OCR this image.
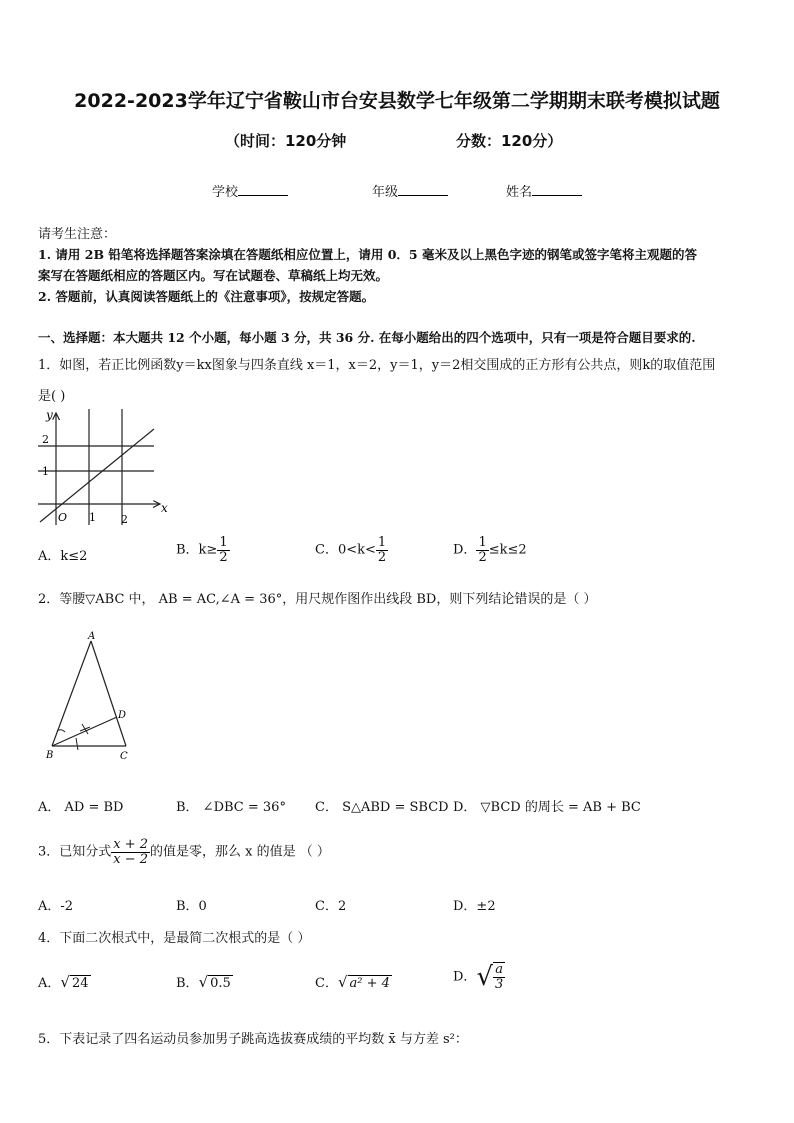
2022-2023学年辽宁省鞍山市台安县数学七年级第二学期期末联考模拟试题
（时间：120分钟	分数：120分）
学校	年级	姓名
请考生注意：
1. 请用 2B 铅笔将选择题答案涂填在答题纸相应位置上，请用 0．5 毫米及以上黑色字迹的钢笔或签字笔将主观题的答
案写在答题纸相应的答题区内。写在试题卷、草稿纸上均无效。
2. 答题前，认真阅读答题纸上的《注意事项》，按规定答题。
一、选择题：本大题共 12 个小题，每小题 3 分，共 36 分. 在每小题给出的四个选项中，只有一项是符合题目要求的.
1．如图，若正比例函数y＝kx图象与四条直线 x＝1，x＝2，y＝1，y＝2相交围成的正方形有公共点，则k的取值范围
是( )
x
y
O 1 2
1
2
A．k≤2	B．$k\ge \frac{1}{2}$	C．$0<k< \frac{1}{2}$	D． $\frac{1}{2} \le k\le 2$
2．等腰▽ABC 中， AB = AC,∠A = 36°，用尺规作图作出线段 BD，则下列结论错误的是（ ）
A
B	C
D
A． AD = BD	B． ∠DBC = 36° C． S△ABD = SBCD D． ▽BCD 的周长 = AB + BC
3．已知分式 $\frac{x + 2}{x - 2}$ 的值是零，那么 x 的值是 （ ）
A．-2	B．0	C．2	D．±2
4．下面二次根式中，是最简二次根式的是（ ）
A．√ 24	B．√ 0.5	C．√ a² + 4	D．√ $\frac{a}{3}$
5．下表记录了四名运动员参加男子跳高选拔赛成绩的平均数 x̄ 与方差 s²：
